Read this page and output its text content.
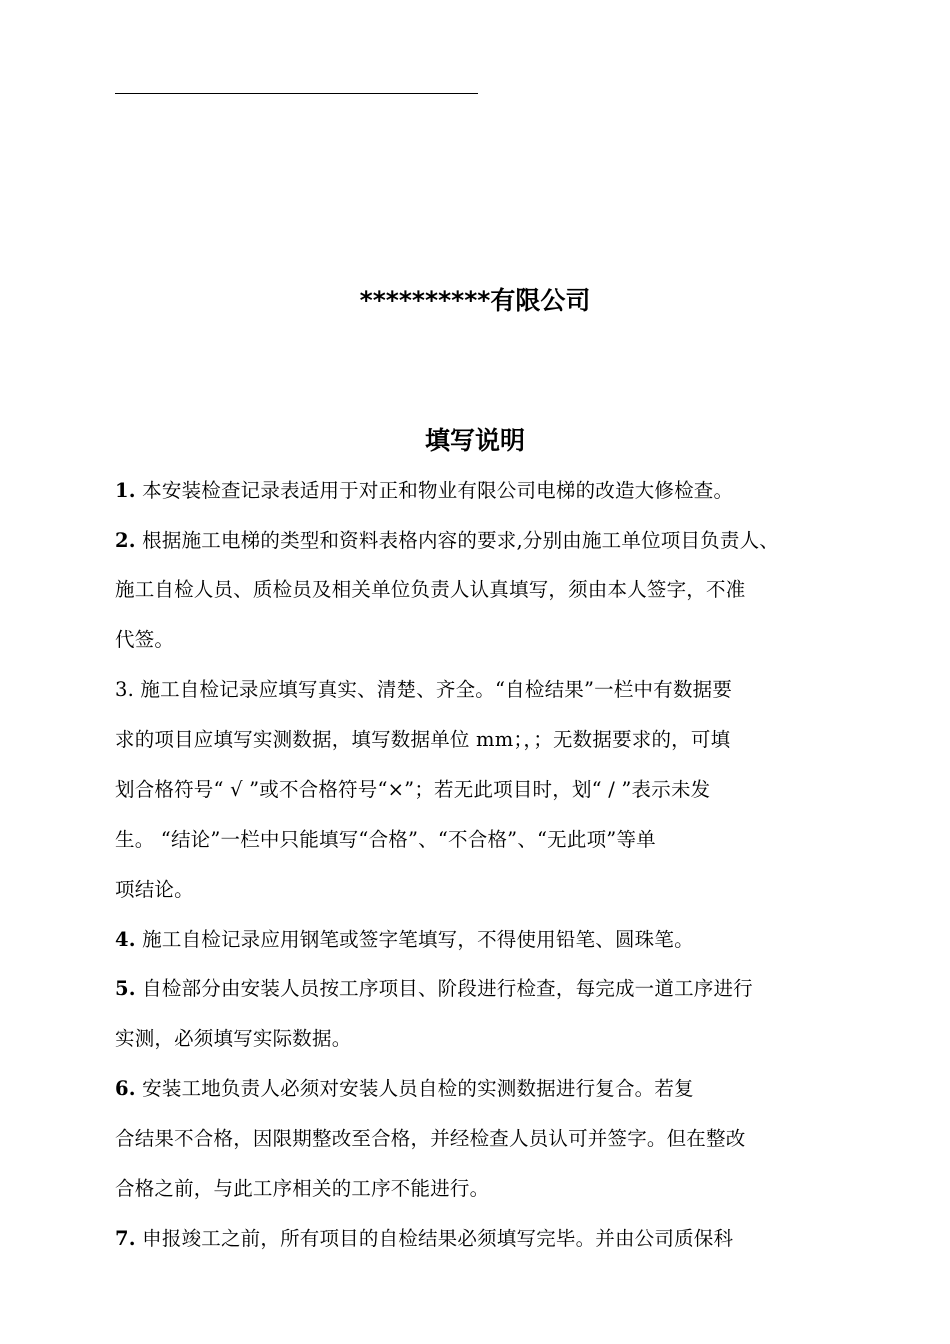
**********有限公司
填写说明
1. 本安装检查记录表适用于对正和物业有限公司电梯的改造大修检查。
2. 根据施工电梯的类型和资料表格内容的要求,分别由施工单位项目负责人、
施工自检人员、质检员及相关单位负责人认真填写，须由本人签字，不准
代签。
3. 施工自检记录应填写真实、清楚、齐全。“自检结果”一栏中有数据要
求的项目应填写实测数据，填写数据单位 mm；，；无数据要求的，可填
划合格符号“ √ ”或不合格符号“×”；若无此项目时，划“ / ”表示未发
生。 “结论”一栏中只能填写“合格”、“不合格”、“无此项”等单
项结论。
4. 施工自检记录应用钢笔或签字笔填写，不得使用铅笔、圆珠笔。
5. 自检部分由安装人员按工序项目、阶段进行检查，每完成一道工序进行
实测，必须填写实际数据。
6. 安装工地负责人必须对安装人员自检的实测数据进行复合。若复
合结果不合格，因限期整改至合格，并经检查人员认可并签字。但在整改
合格之前，与此工序相关的工序不能进行。
7. 申报竣工之前，所有项目的自检结果必须填写完毕。并由公司质保科
